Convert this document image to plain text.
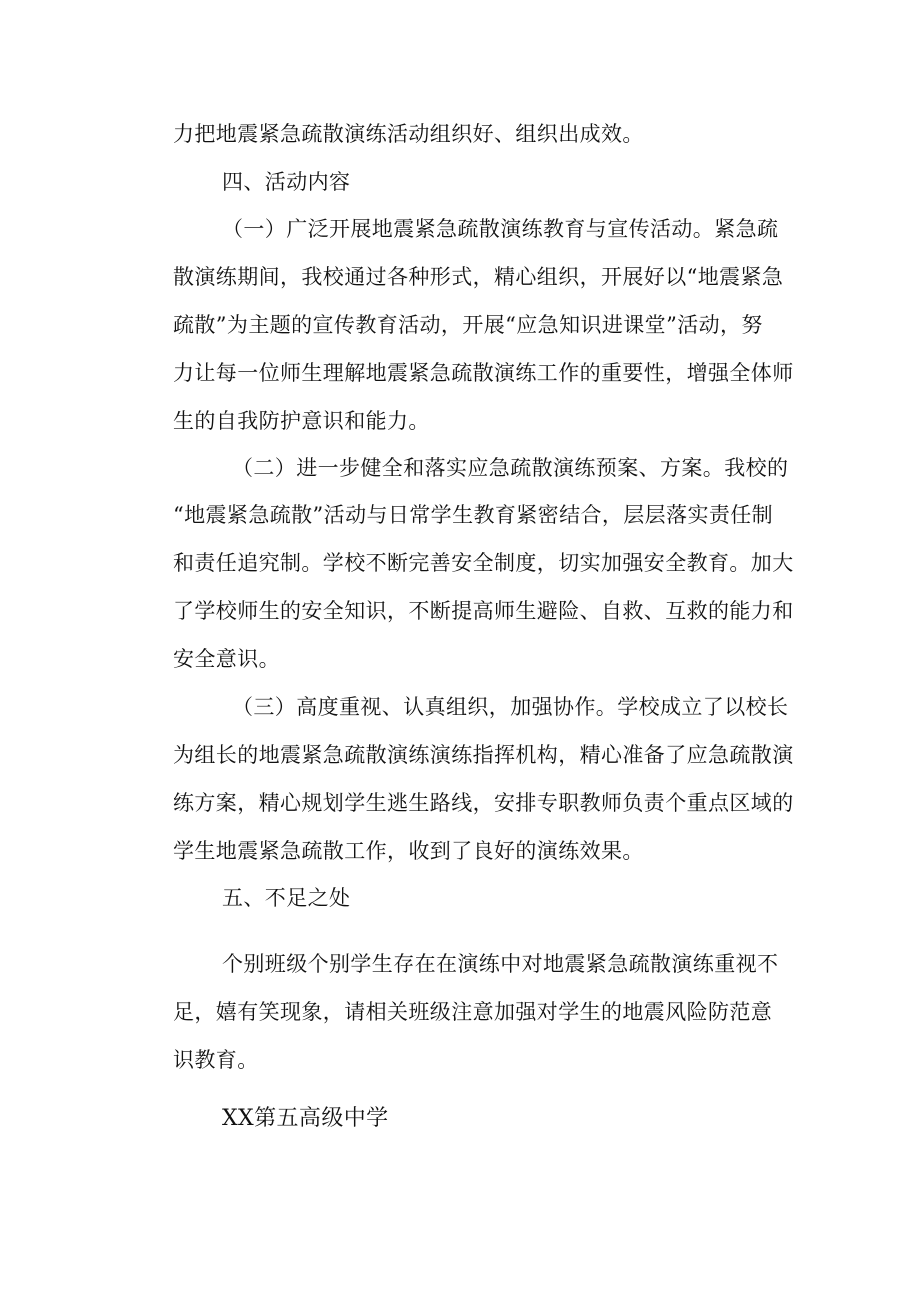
力把地震紧急疏散演练活动组织好、组织出成效。
四、活动内容
（一）广泛开展地震紧急疏散演练教育与宣传活动。紧急疏
散演练期间，我校通过各种形式，精心组织，开展好以“地震紧急
疏散”为主题的宣传教育活动，开展“应急知识进课堂”活动，努
力让每一位师生理解地震紧急疏散演练工作的重要性，增强全体师
生的自我防护意识和能力。
（二）进一步健全和落实应急疏散演练预案、方案。我校的
“地震紧急疏散”活动与日常学生教育紧密结合，层层落实责任制
和责任追究制。学校不断完善安全制度，切实加强安全教育。加大
了学校师生的安全知识，不断提高师生避险、自救、互救的能力和
安全意识。
（三）高度重视、认真组织，加强协作。学校成立了以校长
为组长的地震紧急疏散演练演练指挥机构，精心准备了应急疏散演
练方案，精心规划学生逃生路线，安排专职教师负责个重点区域的
学生地震紧急疏散工作，收到了良好的演练效果。
五、不足之处
个别班级个别学生存在在演练中对地震紧急疏散演练重视不
足，嬉有笑现象，请相关班级注意加强对学生的地震风险防范意
识教育。
XX第五高级中学
